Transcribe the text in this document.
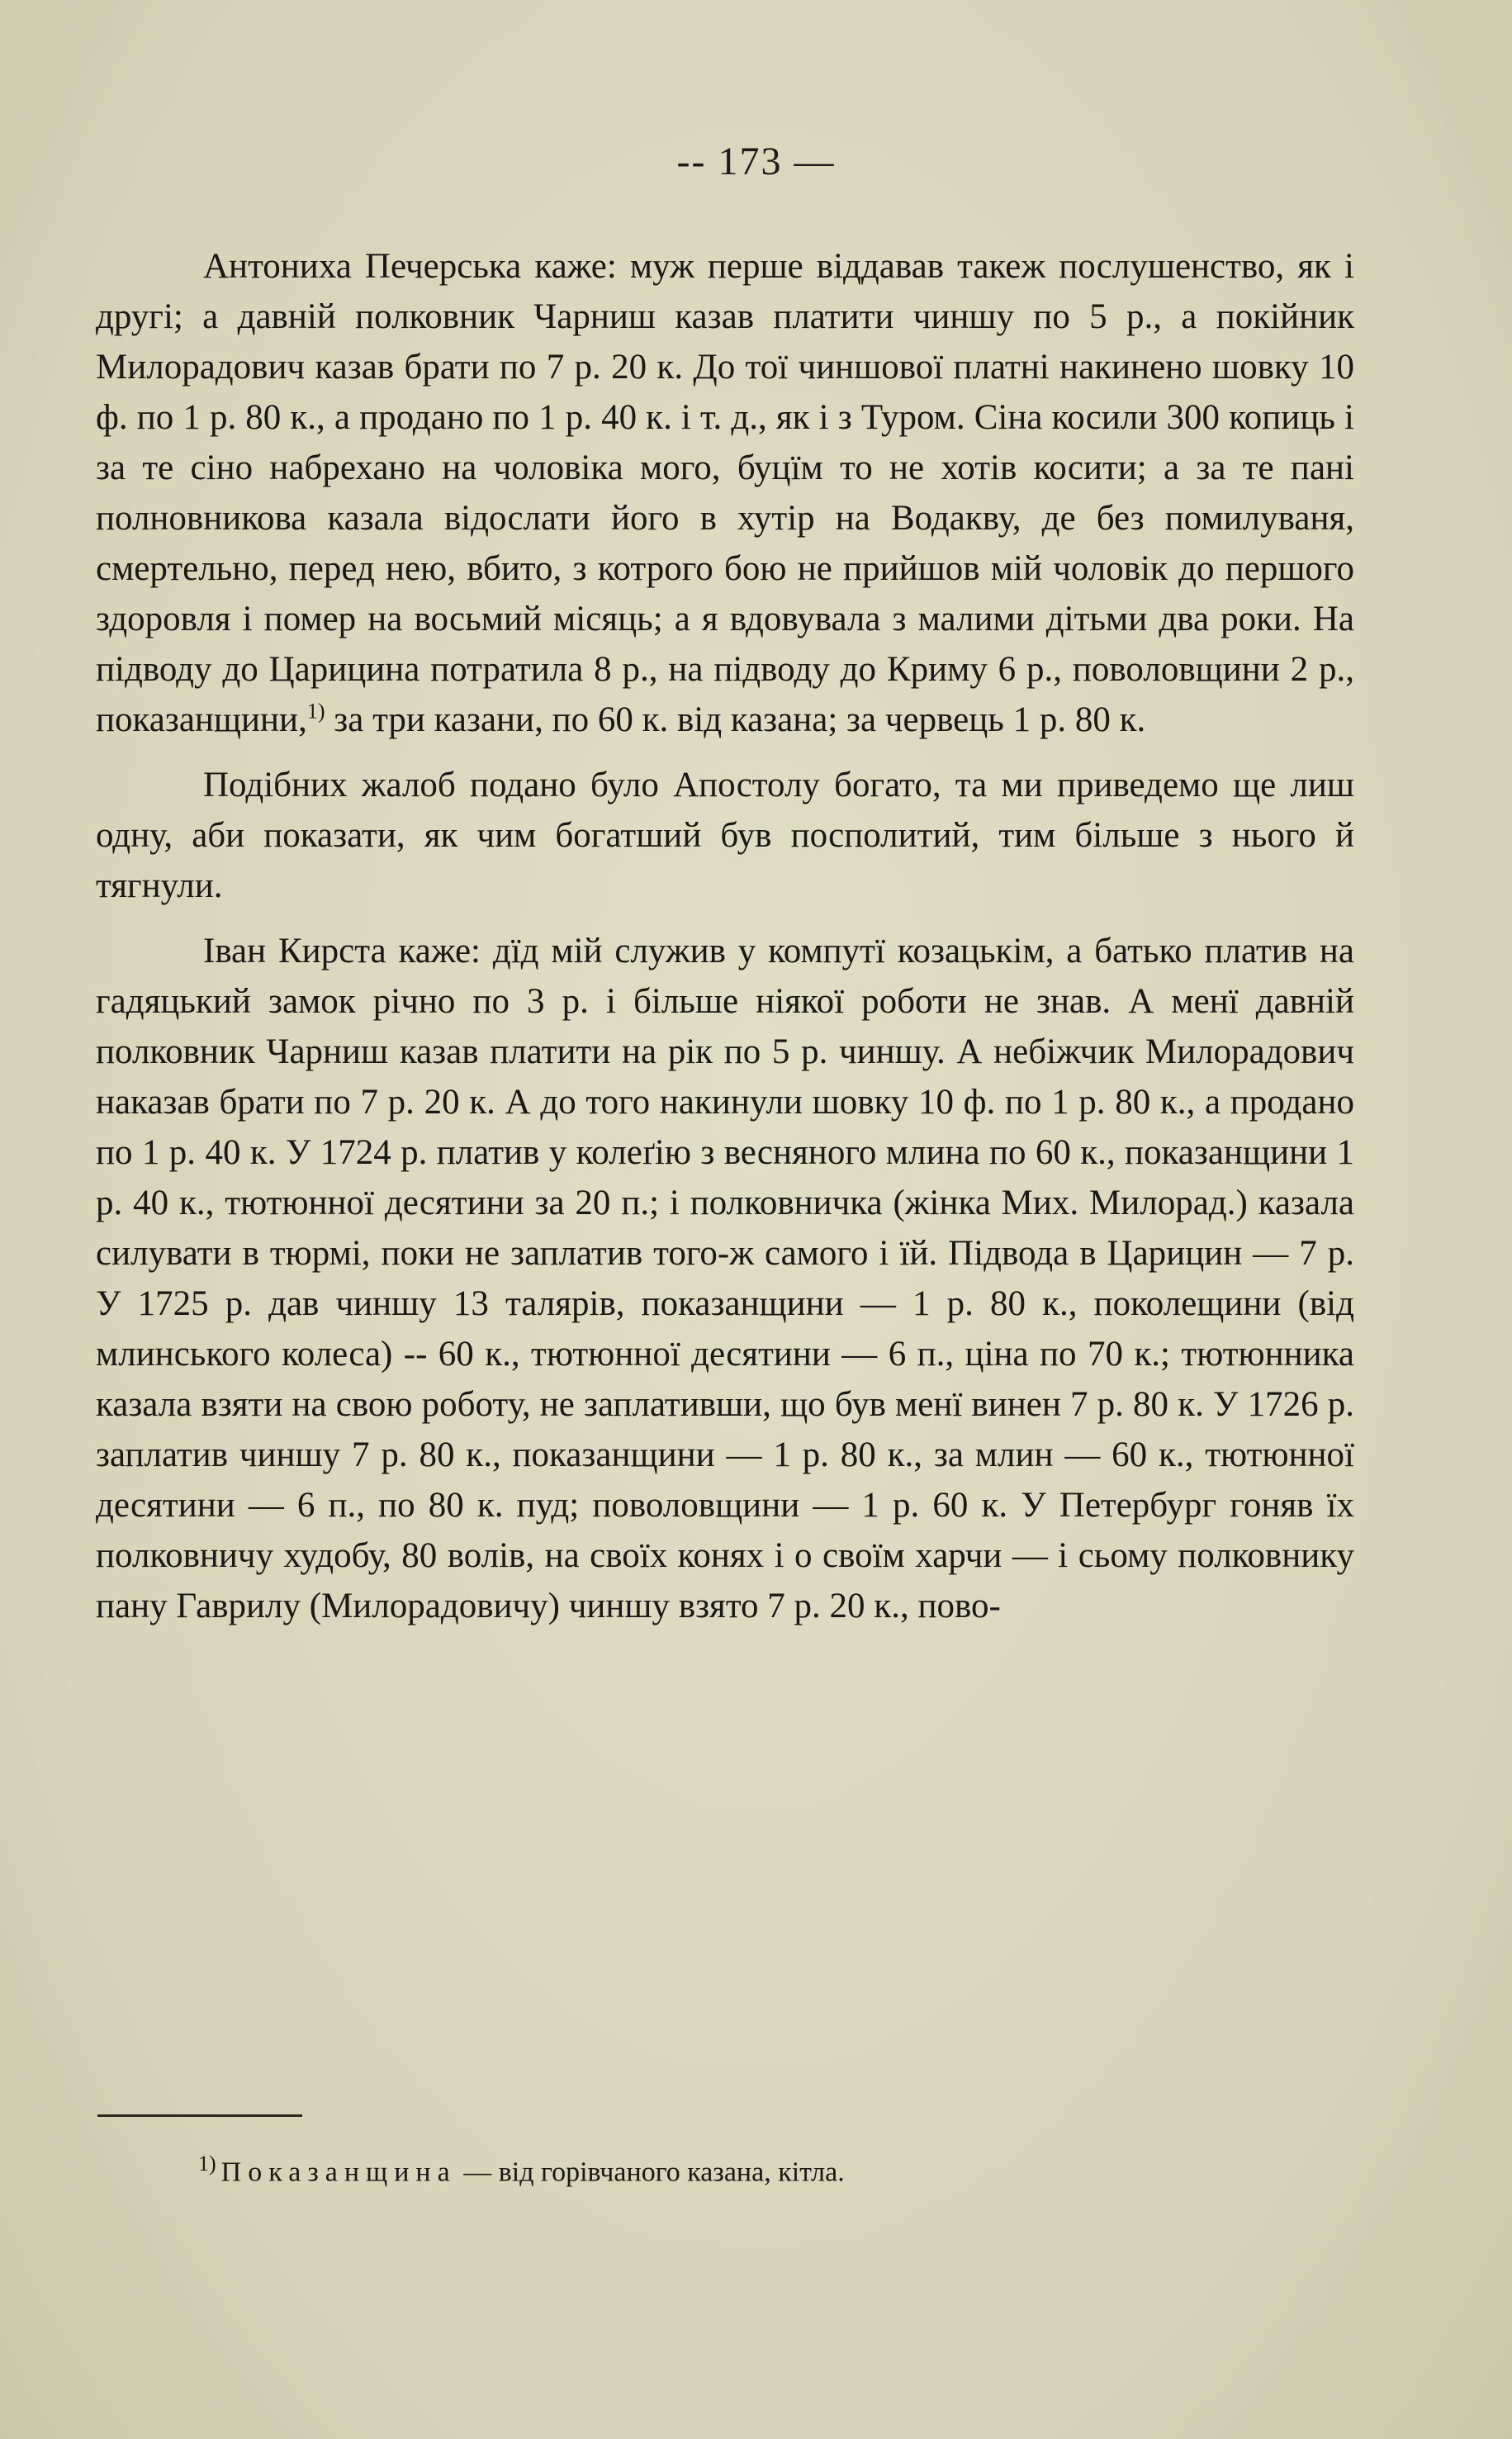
-- 173 —

Антониха Печерська каже: муж перше віддавав такеж послушенство, як і другі; а давній полковник Чарниш казав платити чиншу по 5 р., а покійник Милорадович казав брати по 7 р. 20 к. До тої чиншової платні накинено шовку 10 ф. по 1 р. 80 к., а продано по 1 р. 40 к. і т. д., як і з Туром. Сіна косили 300 копиць і за те сіно набрехано на чоловіка мого, буцїм то не хотів косити; а за те пані полновникова казала відослати його в хутір на Водакву, де без помилуваня, смертельно, перед нею, вбито, з котрого бою не прийшов мій чоловік до першого здоровля і помер на восьмий місяць; а я вдовувала з малими дітьми два роки. На підводу до Царицина потратила 8 р., на підводу до Криму 6 р., поволовщини 2 р., показанщини,$^{1)}$ за три казани, по 60 к. від казана; за червець 1 р. 80 к.

Подібних жалоб подано було Апостолу богато, та ми приведемо ще лиш одну, аби показати, як чим богатший був посполитий, тим більше з нього й тягнули.

Іван Кирста каже: дїд мій служив у компутї козацькім, а батько платив на гадяцький замок річно по 3 р. і більше ніякої роботи не знав. А менї давній полковник Чарниш казав платити на рік по 5 р. чиншу. А небіжчик Милорадович наказав брати по 7 р. 20 к. А до того накинули шовку 10 ф. по 1 р. 80 к., а продано по 1 р. 40 к. У 1724 р. платив у колеґію з весняного млина по 60 к., показанщини 1 р. 40 к., тютюнної десятини за 20 п.; і полковничка (жінка Мих. Милорад.) казала силувати в тюрмі, поки не заплатив того-ж самого і їй. Підвода в Царицин — 7 р. У 1725 р. дав чиншу 13 талярів, показанщини — 1 р. 80 к., поколещини (від млинського колеса) -- 60 к., тютюнної десятини — 6 п., ціна по 70 к.; тютюнника казала взяти на свою роботу, не заплативши, що був менї винен 7 р. 80 к. У 1726 р. заплатив чиншу 7 р. 80 к., показанщини — 1 р. 80 к., за млин — 60 к., тютюнної десятини — 6 п., по 80 к. пуд; поволовщини — 1 р. 60 к. У Петербург гоняв їх полковничу худобу, 80 волів, на своїх конях і о своїм харчи — і сьому полковнику пану Гаврилу (Милорадовичу) чиншу взято 7 р. 20 к., пово-

$^{1)}$ Показанщина — від горівчаного казана, кітла.
